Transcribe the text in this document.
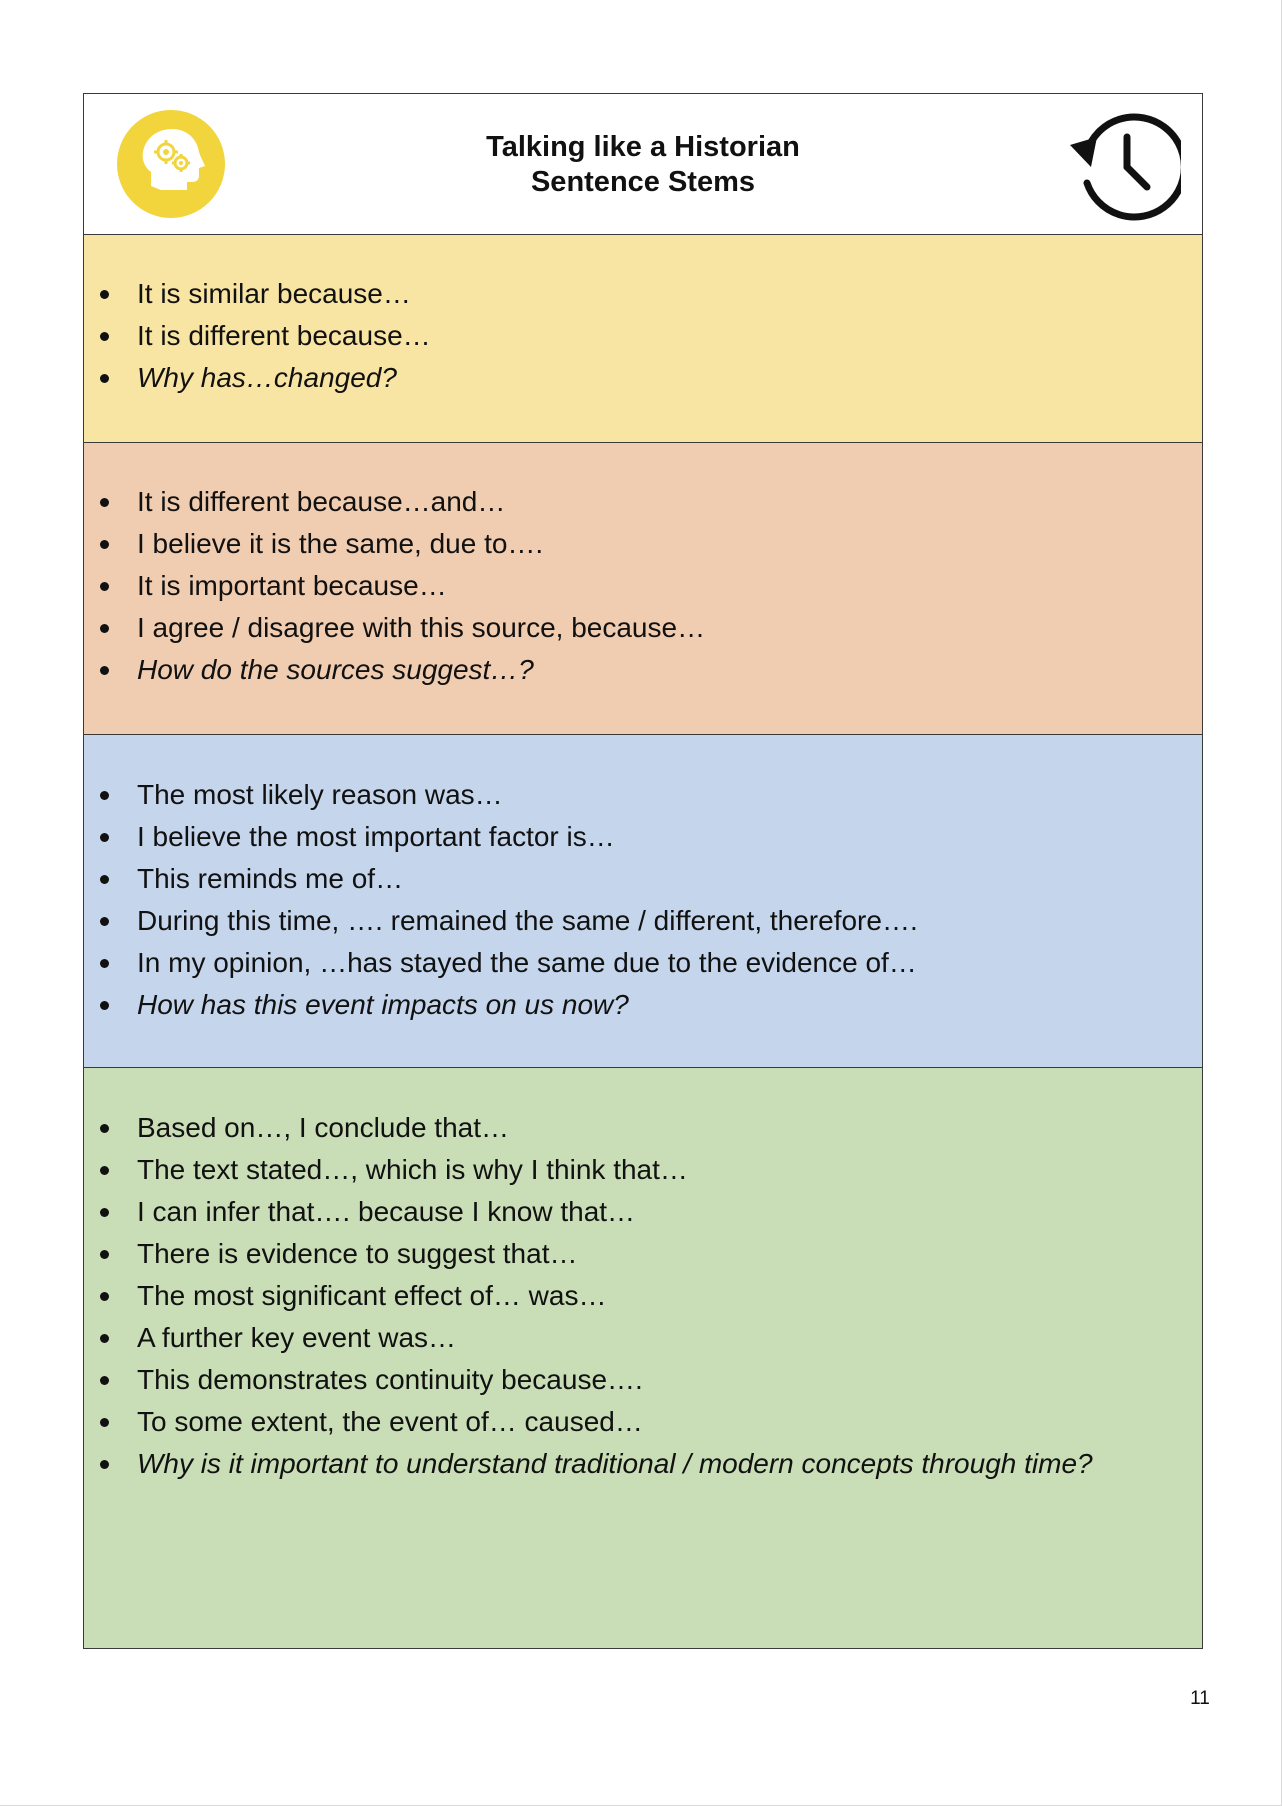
Talking like a Historian
Sentence Stems
It is similar because…
It is different because…
Why has…changed?
It is different because…and…
I believe it is the same, due to….
It is important because…
I agree / disagree with this source, because…
How do the sources suggest…?
The most likely reason was…
I believe the most important factor is…
This reminds me of…
During this time, …. remained the same / different, therefore….
In my opinion, …has stayed the same due to the evidence of…
How has this event impacts on us now?
Based on…, I conclude that…
The text stated…, which is why I think that…
I can infer that…. because I know that…
There is evidence to suggest that…
The most significant effect of… was…
A further key event was…
This demonstrates continuity because….
To some extent, the event of… caused…
Why is it important to understand traditional / modern concepts through time?
11
